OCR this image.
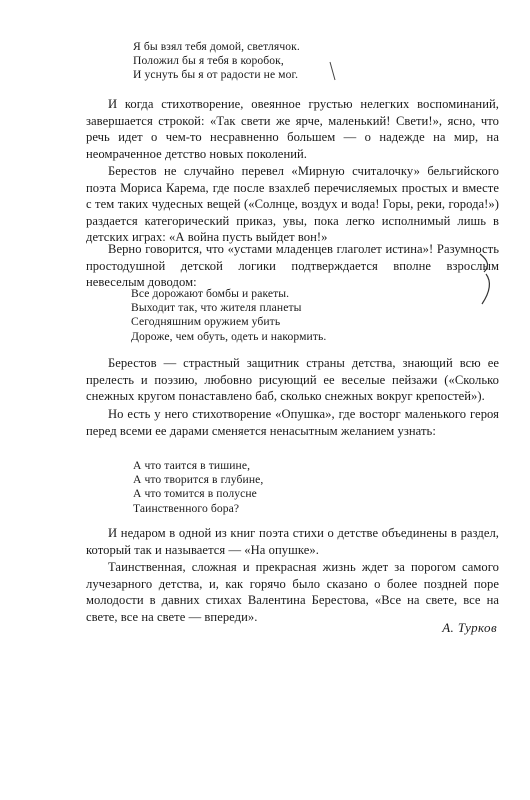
Я бы взял тебя домой, светлячок.
Положил бы я тебя в коробок,
И уснуть бы я от радости не мог.

И когда стихотворение, овеянное грустью нелегких воспоминаний, завершается строкой: «Так свети же ярче, маленький! Свети!», ясно, что речь идет о чем-то несравненно большем — о надежде на мир, на неомраченное детство новых поколений.

Берестов не случайно перевел «Мирную считалочку» бельгийского поэта Мориса Карема, где после взахлеб перечисляемых простых и вместе с тем таких чудесных вещей («Солнце, воздух и вода! Горы, реки, города!») раздается категорический приказ, увы, пока легко исполнимый лишь в детских играх: «А война пусть выйдет вон!»

Верно говорится, что «устами младенцев глаголет истина»! Разумность простодушной детской логики подтверждается вполне взрослым невеселым доводом:

Все дорожают бомбы и ракеты.
Выходит так, что жителя планеты
Сегодняшним оружием убить
Дороже, чем обуть, одеть и накормить.

Берестов — страстный защитник страны детства, знающий всю ее прелесть и поэзию, любовно рисующий ее веселые пейзажи («Сколько снежных кругом понаставлено баб, сколько снежных вокруг крепостей»).

Но есть у него стихотворение «Опушка», где восторг маленького героя перед всеми ее дарами сменяется ненасытным желанием узнать:

А что таится в тишине,
А что творится в глубине,
А что томится в полусне
Таинственного бора?

И недаром в одной из книг поэта стихи о детстве объединены в раздел, который так и называется — «На опушке».

Таинственная, сложная и прекрасная жизнь ждет за порогом самого лучезарного детства, и, как горячо было сказано о более поздней поре молодости в давних стихах Валентина Берестова, «Все на свете, все на свете, все на свете — впереди».

А. Турков
